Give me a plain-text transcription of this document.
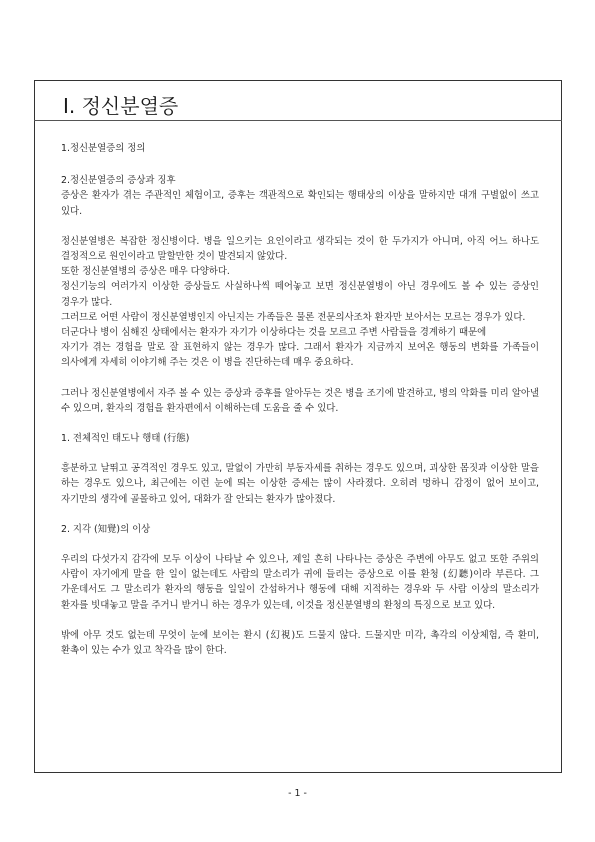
Ⅰ. 정신분열증

1.정신분열증의 정의

2.정신분열증의 증상과 징후

증상은 환자가 겪는 주관적인 체험이고, 증후는 객관적으로 확인되는 행태상의 이상을 말하지만 대개 구별없이 쓰고 있다.

정신분열병은 복잡한 정신병이다. 병을 일으키는 요인이라고 생각되는 것이 한 두가지가 아니며, 아직 어느 하나도 결정적으로 원인이라고 말할만한 것이 발견되지 않았다.

또한 정신분열병의 증상은 매우 다양하다.

정신기능의 여러가지 이상한 증상들도 사실하나씩 떼어놓고 보면 정신분열병이 아닌 경우에도 볼 수 있는 증상인 경우가 많다.

그러므로 어떤 사람이 정신분열병인지 아닌지는 가족들은 물론 전문의사조차 환자만 보아서는 모르는 경우가 있다.

더군다나 병이 심해진 상태에서는 환자가 자기가 이상하다는 것을 모르고 주변 사람들을 경계하기 때문에

자기가 겪는 경험을 말로 잘 표현하지 않는 경우가 많다. 그래서 환자가 지금까지 보여온 행동의 변화를 가족들이 의사에게 자세히 이야기해 주는 것은 이 병을 진단하는데 매우 중요하다.

그러나 정신분열병에서 자주 볼 수 있는 증상과 증후를 알아두는 것은 병을 조기에 발견하고, 병의 악화를 미리 알아낼 수 있으며, 환자의 경험을 환자편에서 이해하는데 도움을 줄 수 있다.

1. 전체적인 태도나 행태 (行態)

흥분하고 날뛰고 공격적인 경우도 있고, 말없이 가만히 부동자세를 취하는 경우도 있으며, 괴상한 몸짓과 이상한 말을 하는 경우도 있으나, 최근에는 이런 눈에 띄는 이상한 증세는 많이 사라졌다. 오히려 멍하니 감정이 없어 보이고, 자기만의 생각에 골몰하고 있어, 대화가 잘 안되는 환자가 많아졌다.

2. 지각 (知覺)의 이상

우리의 다섯가지 감각에 모두 이상이 나타날 수 있으나, 제일 흔히 나타나는 증상은 주변에 아무도 없고 또한 주위의 사람이 자기에게 말을 한 일이 없는데도 사람의 말소리가 귀에 들리는 증상으로 이를 환청 (幻聽)이라 부른다. 그 가운데서도 그 말소리가 환자의 행동을 일일이 간섭하거나 행동에 대해 지적하는 경우와 두 사람 이상의 말소리가 환자를 빗대놓고 말을 주거니 받거니 하는 경우가 있는데, 이것을 정신분열병의 환청의 특징으로 보고 있다.

밖에 아무 것도 없는데 무엇이 눈에 보이는 환시 (幻視)도 드물지 않다. 드물지만 미각, 촉각의 이상체험, 즉 환미, 환촉이 있는 수가 있고 착각을 많이 한다.

- 1 -
